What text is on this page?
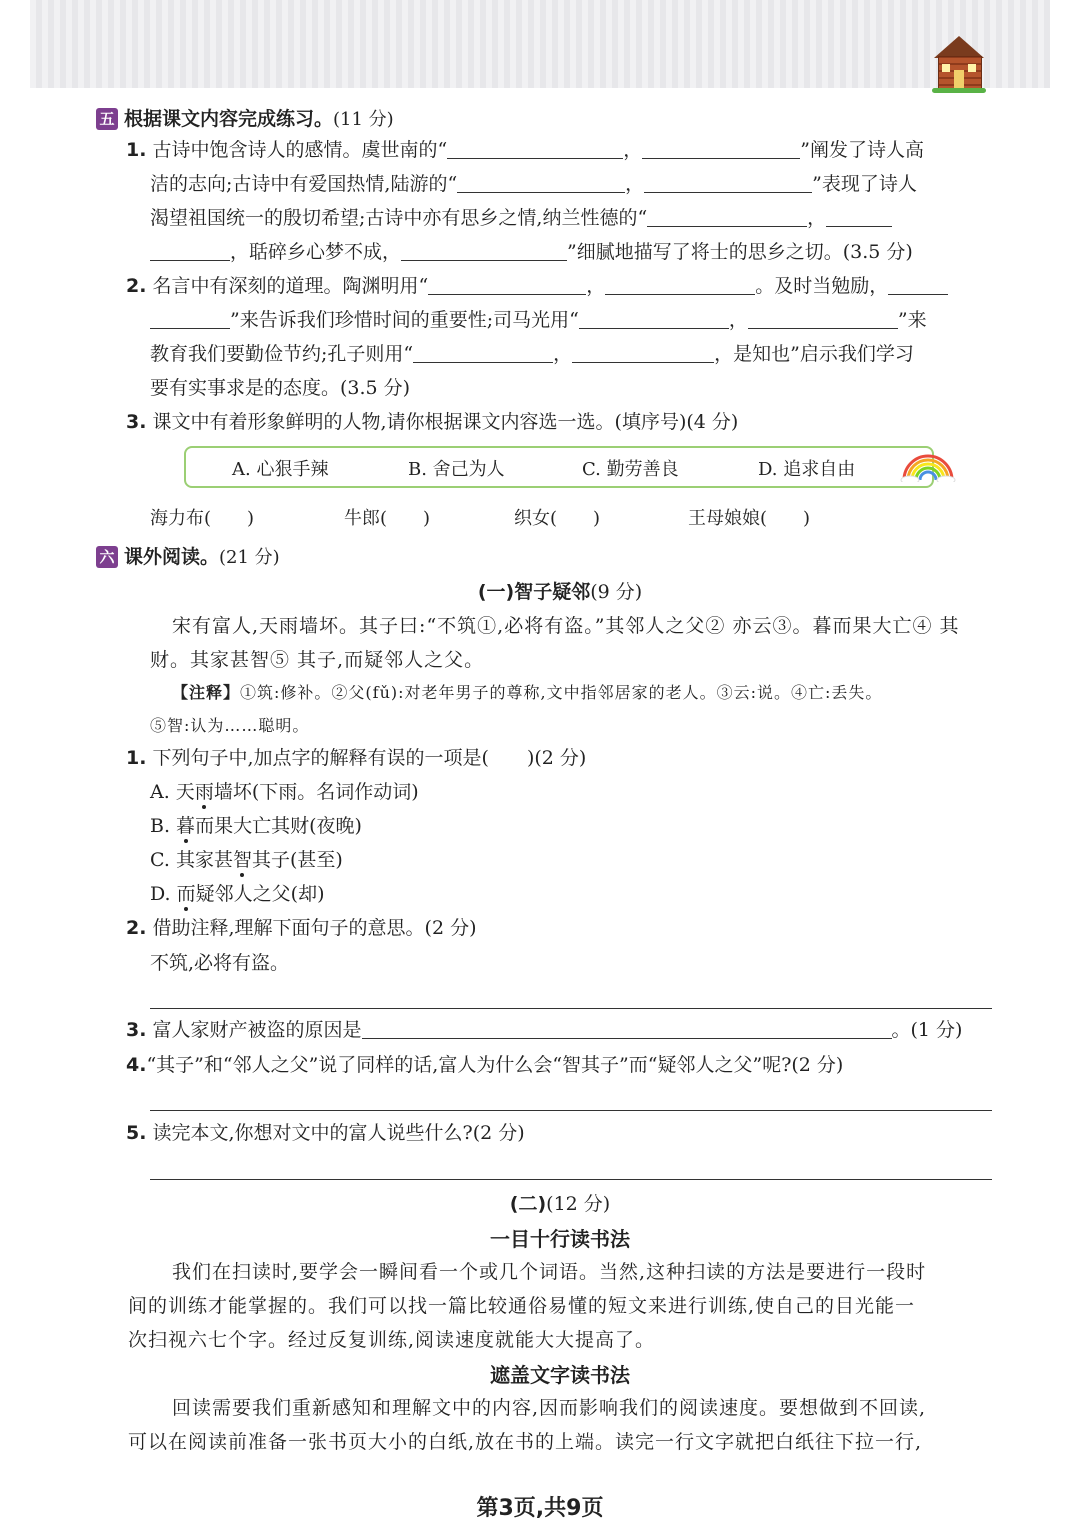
五 根据课文内容完成练习。(11 分)
1. 古诗中饱含诗人的感情。虞世南的“	，	”阐发了诗人高
洁的志向;古诗中有爱国热情,陆游的“	，	”表现了诗人
渴望祖国统一的殷切希望;古诗中亦有思乡之情,纳兰性德的“	，
，聒碎乡心梦不成，	”细腻地描写了将士的思乡之切。(3.5 分)
2. 名言中有深刻的道理。陶渊明用“	，	。及时当勉励，
”来告诉我们珍惜时间的重要性;司马光用“	，	”来
教育我们要勤俭节约;孔子则用“	，	，是知也”启示我们学习
要有实事求是的态度。(3.5 分)
3. 课文中有着形象鲜明的人物,请你根据课文内容选一选。(填序号)(4 分)
A. 心狠手辣	B. 舍己为人	C. 勤劳善良	D. 追求自由
海力布(　　)	牛郎(　　)	织女(　　)	王母娘娘(　　)
六 课外阅读。(21 分)
(一)智子疑邻(9 分)
宋有富人,天雨墙坏。其子曰:“不筑①,必将有盗。”其邻人之父② 亦云③。暮而果大亡④ 其
财。其家甚智⑤ 其子,而疑邻人之父。
【注释】①筑:修补。②父(fǔ):对老年男子的尊称,文中指邻居家的老人。③云:说。④亡:丢失。
⑤智:认为……聪明。
1. 下列句子中,加点字的解释有误的一项是(　　)(2 分)
A. 天雨墙坏(下雨。名词作动词)
B. 暮而果大亡其财(夜晚)
C. 其家甚智其子(甚至)
D. 而疑邻人之父(却)
2. 借助注释,理解下面句子的意思。(2 分)
不筑,必将有盗。
3. 富人家财产被盗的原因是	。(1 分)
4.“其子”和“邻人之父”说了同样的话,富人为什么会“智其子”而“疑邻人之父”呢?(2 分)
5. 读完本文,你想对文中的富人说些什么?(2 分)
(二)(12 分)
一目十行读书法
我们在扫读时,要学会一瞬间看一个或几个词语。当然,这种扫读的方法是要进行一段时
间的训练才能掌握的。我们可以找一篇比较通俗易懂的短文来进行训练,使自己的目光能一
次扫视六七个字。经过反复训练,阅读速度就能大大提高了。
遮盖文字读书法
回读需要我们重新感知和理解文中的内容,因而影响我们的阅读速度。要想做到不回读,
可以在阅读前准备一张书页大小的白纸,放在书的上端。读完一行文字就把白纸往下拉一行,
第3页,共9页
